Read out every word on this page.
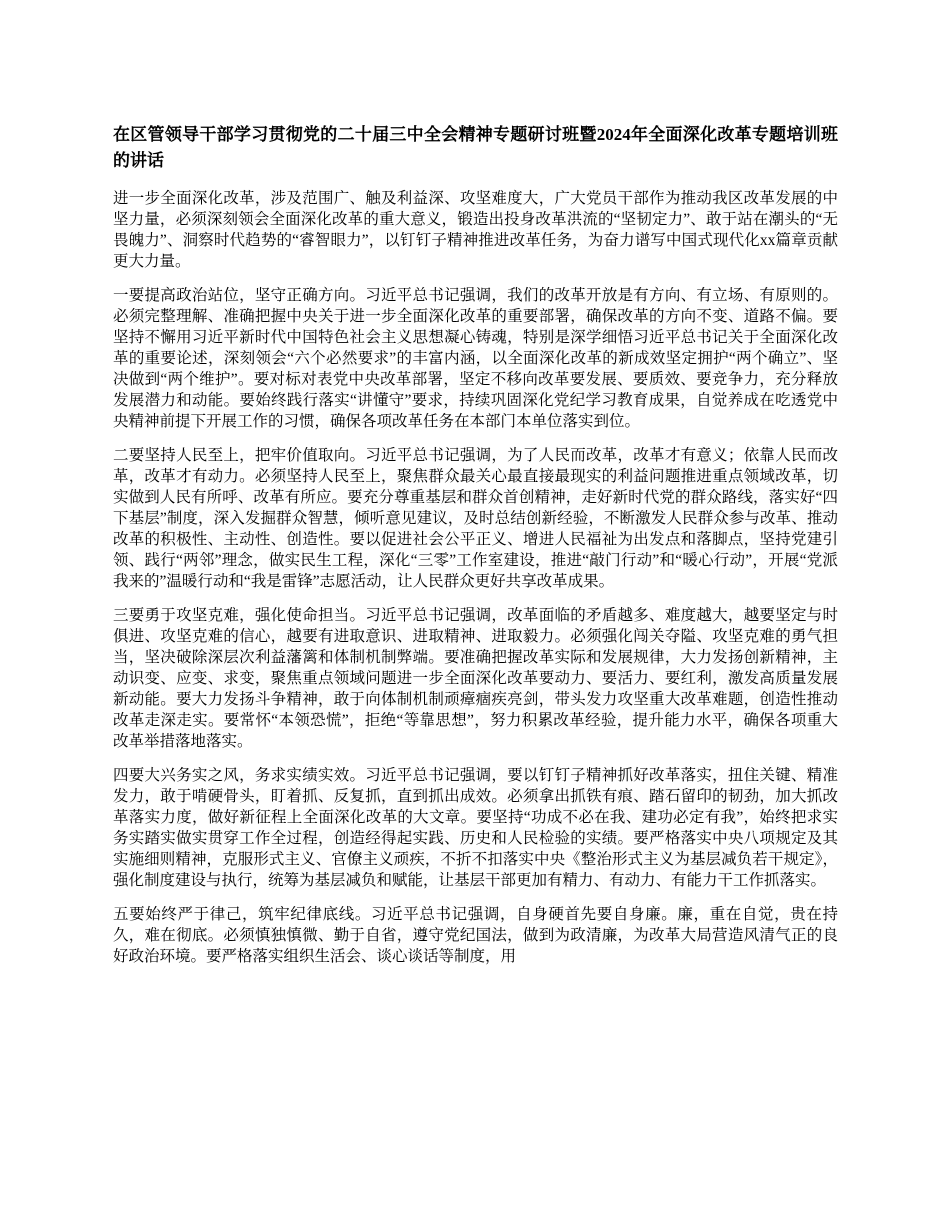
在区管领导干部学习贯彻党的二十届三中全会精神专题研讨班暨2024年全面深化改革专题培训班的讲话

进一步全面深化改革，涉及范围广、触及利益深、攻坚难度大，广大党员干部作为推动我区改革发展的中坚力量，必须深刻领会全面深化改革的重大意义，锻造出投身改革洪流的“坚韧定力”、敢于站在潮头的“无畏魄力”、洞察时代趋势的“睿智眼力”，以钉钉子精神推进改革任务，为奋力谱写中国式现代化xx篇章贡献更大力量。

一要提高政治站位，坚守正确方向。习近平总书记强调，我们的改革开放是有方向、有立场、有原则的。必须完整理解、准确把握中央关于进一步全面深化改革的重要部署，确保改革的方向不变、道路不偏。要坚持不懈用习近平新时代中国特色社会主义思想凝心铸魂，特别是深学细悟习近平总书记关于全面深化改革的重要论述，深刻领会“六个必然要求”的丰富内涵，以全面深化改革的新成效坚定拥护“两个确立”、坚决做到“两个维护”。要对标对表党中央改革部署，坚定不移向改革要发展、要质效、要竞争力，充分释放发展潜力和动能。要始终践行落实“讲懂守”要求，持续巩固深化党纪学习教育成果，自觉养成在吃透党中央精神前提下开展工作的习惯，确保各项改革任务在本部门本单位落实到位。

二要坚持人民至上，把牢价值取向。习近平总书记强调，为了人民而改革，改革才有意义；依靠人民而改革，改革才有动力。必须坚持人民至上，聚焦群众最关心最直接最现实的利益问题推进重点领域改革，切实做到人民有所呼、改革有所应。要充分尊重基层和群众首创精神，走好新时代党的群众路线，落实好“四下基层”制度，深入发掘群众智慧，倾听意见建议，及时总结创新经验，不断激发人民群众参与改革、推动改革的积极性、主动性、创造性。要以促进社会公平正义、增进人民福祉为出发点和落脚点，坚持党建引领、践行“两邻”理念，做实民生工程，深化“三零”工作室建设，推进“敲门行动”和“暖心行动”，开展“党派我来的”温暖行动和“我是雷锋”志愿活动，让人民群众更好共享改革成果。

三要勇于攻坚克难，强化使命担当。习近平总书记强调，改革面临的矛盾越多、难度越大，越要坚定与时俱进、攻坚克难的信心，越要有进取意识、进取精神、进取毅力。必须强化闯关夺隘、攻坚克难的勇气担当，坚决破除深层次利益藩篱和体制机制弊端。要准确把握改革实际和发展规律，大力发扬创新精神，主动识变、应变、求变，聚焦重点领域问题进一步全面深化改革要动力、要活力、要红利，激发高质量发展新动能。要大力发扬斗争精神，敢于向体制机制顽瘴痼疾亮剑，带头发力攻坚重大改革难题，创造性推动改革走深走实。要常怀“本领恐慌”，拒绝“等靠思想”，努力积累改革经验，提升能力水平，确保各项重大改革举措落地落实。

四要大兴务实之风，务求实绩实效。习近平总书记强调，要以钉钉子精神抓好改革落实，扭住关键、精准发力，敢于啃硬骨头，盯着抓、反复抓，直到抓出成效。必须拿出抓铁有痕、踏石留印的韧劲，加大抓改革落实力度，做好新征程上全面深化改革的大文章。要坚持“功成不必在我、建功必定有我”，始终把求实务实踏实做实贯穿工作全过程，创造经得起实践、历史和人民检验的实绩。要严格落实中央八项规定及其实施细则精神，克服形式主义、官僚主义顽疾，不折不扣落实中央《整治形式主义为基层减负若干规定》，强化制度建设与执行，统筹为基层减负和赋能，让基层干部更加有精力、有动力、有能力干工作抓落实。

五要始终严于律己，筑牢纪律底线。习近平总书记强调，自身硬首先要自身廉。廉，重在自觉，贵在持久，难在彻底。必须慎独慎微、勤于自省，遵守党纪国法，做到为政清廉，为改革大局营造风清气正的良好政治环境。要严格落实组织生活会、谈心谈话等制度，用
